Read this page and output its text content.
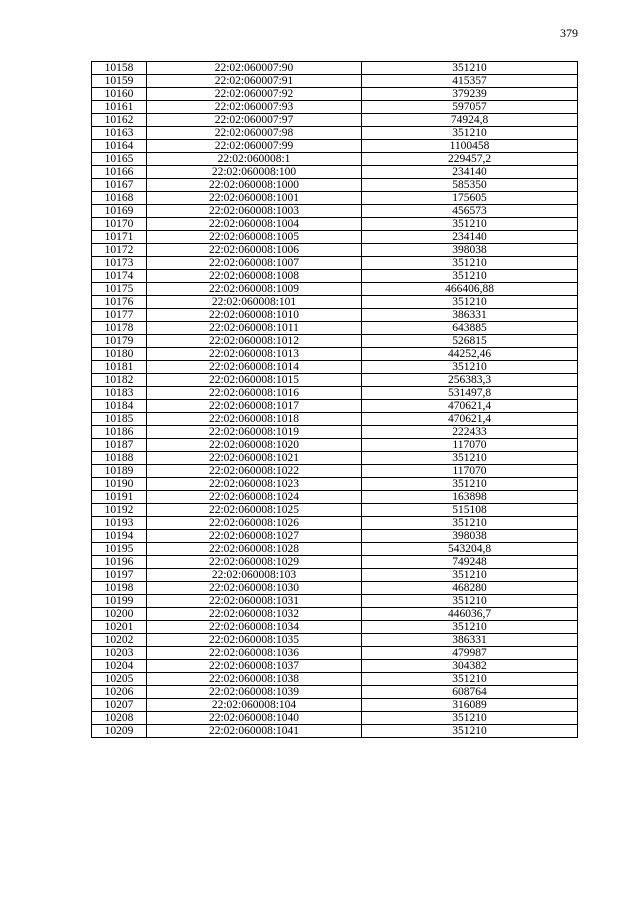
379
10158	22:02:060007:90	351210
10159	22:02:060007:91	415357
10160	22:02:060007:92	379239
10161	22:02:060007:93	597057
10162	22:02:060007:97	74924,8
10163	22:02:060007:98	351210
10164	22:02:060007:99	1100458
10165	22:02:060008:1	229457,2
10166	22:02:060008:100	234140
10167	22:02:060008:1000	585350
10168	22:02:060008:1001	175605
10169	22:02:060008:1003	456573
10170	22:02:060008:1004	351210
10171	22:02:060008:1005	234140
10172	22:02:060008:1006	398038
10173	22:02:060008:1007	351210
10174	22:02:060008:1008	351210
10175	22:02:060008:1009	466406,88
10176	22:02:060008:101	351210
10177	22:02:060008:1010	386331
10178	22:02:060008:1011	643885
10179	22:02:060008:1012	526815
10180	22:02:060008:1013	44252,46
10181	22:02:060008:1014	351210
10182	22:02:060008:1015	256383,3
10183	22:02:060008:1016	531497,8
10184	22:02:060008:1017	470621,4
10185	22:02:060008:1018	470621,4
10186	22:02:060008:1019	222433
10187	22:02:060008:1020	117070
10188	22:02:060008:1021	351210
10189	22:02:060008:1022	117070
10190	22:02:060008:1023	351210
10191	22:02:060008:1024	163898
10192	22:02:060008:1025	515108
10193	22:02:060008:1026	351210
10194	22:02:060008:1027	398038
10195	22:02:060008:1028	543204,8
10196	22:02:060008:1029	749248
10197	22:02:060008:103	351210
10198	22:02:060008:1030	468280
10199	22:02:060008:1031	351210
10200	22:02:060008:1032	446036,7
10201	22:02:060008:1034	351210
10202	22:02:060008:1035	386331
10203	22:02:060008:1036	479987
10204	22:02:060008:1037	304382
10205	22:02:060008:1038	351210
10206	22:02:060008:1039	608764
10207	22:02:060008:104	316089
10208	22:02:060008:1040	351210
10209	22:02:060008:1041	351210
